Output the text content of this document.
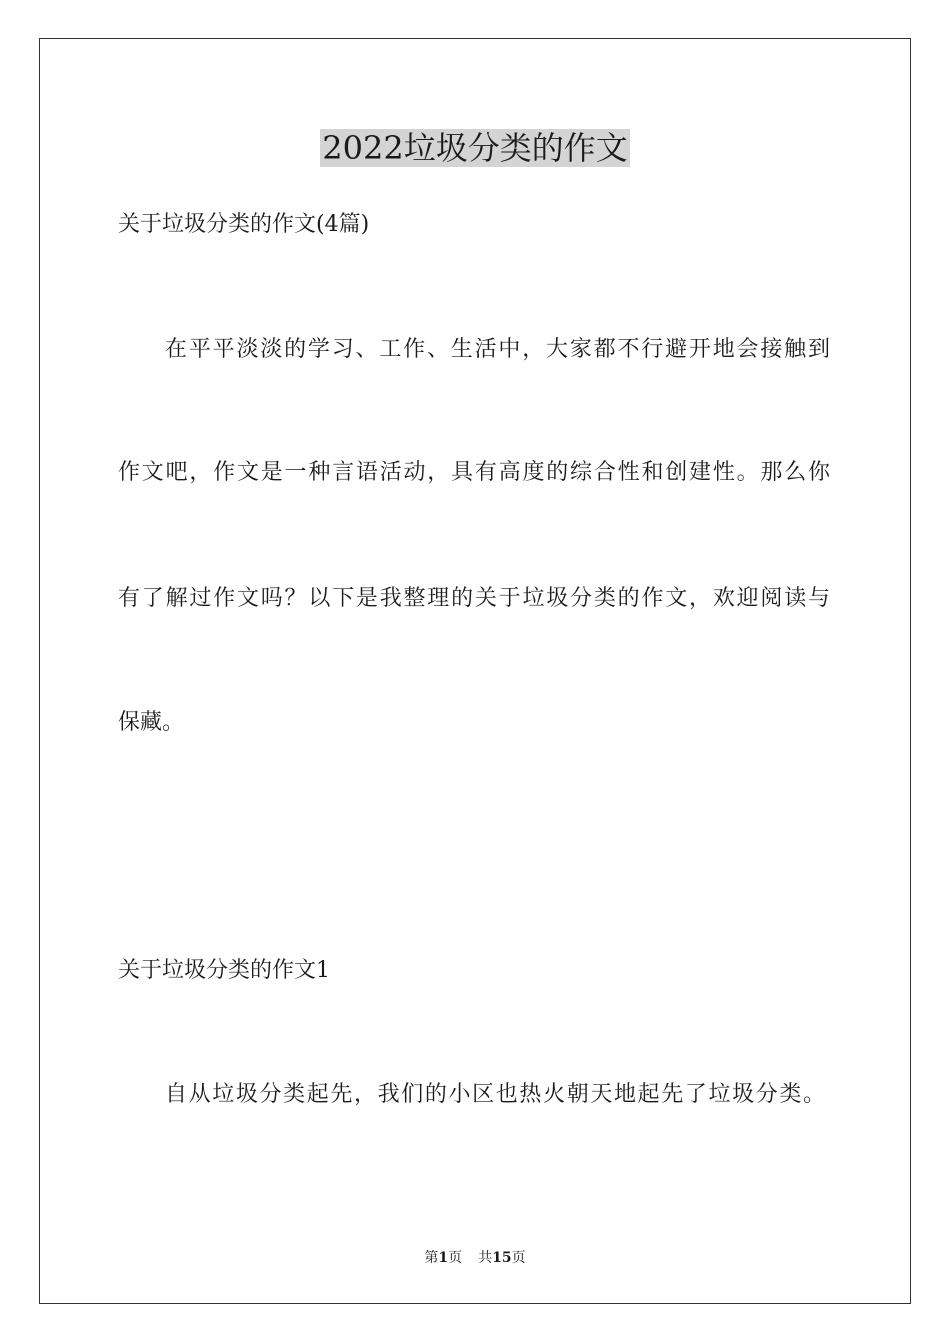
2022垃圾分类的作文

关于垃圾分类的作文(4篇)

在平平淡淡的学习、工作、生活中，大家都不行避开地会接触到

作文吧，作文是一种言语活动，具有高度的综合性和创建性。那么你

有了解过作文吗？以下是我整理的关于垃圾分类的作文，欢迎阅读与

保藏。

关于垃圾分类的作文1

自从垃圾分类起先，我们的小区也热火朝天地起先了垃圾分类。

第1页 共15页
